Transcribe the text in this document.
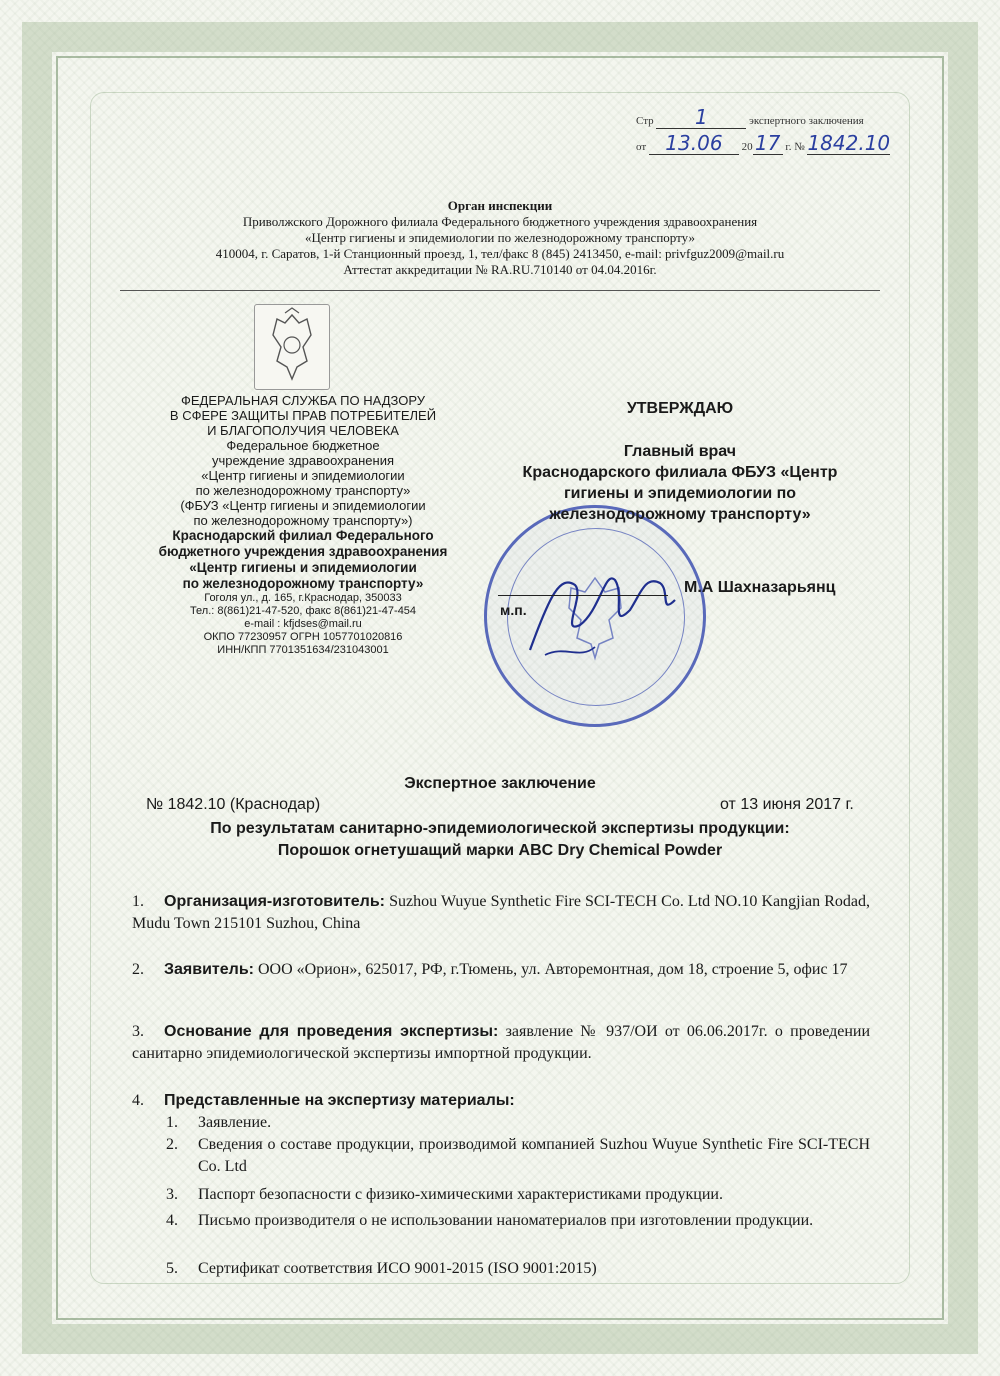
Стр 1	экспертного заключения
от 13.06 20 17 г. № 1842.10
Орган инспекции
Приволжского Дорожного филиала Федерального бюджетного учреждения здравоохранения
«Центр гигиены и эпидемиологии по железнодорожному транспорту»
410004, г. Саратов, 1-й Станционный проезд, 1, тел/факс 8 (845) 2413450, e-mail: privfguz2009@mail.ru
Аттестат аккредитации № RA.RU.710140 от 04.04.2016г.
ФЕДЕРАЛЬНАЯ СЛУЖБА ПО НАДЗОРУ
В СФЕРЕ ЗАЩИТЫ ПРАВ ПОТРЕБИТЕЛЕЙ
И БЛАГОПОЛУЧИЯ ЧЕЛОВЕКА
Федеральное бюджетное
учреждение здравоохранения
«Центр гигиены и эпидемиологии
по железнодорожному транспорту»
(ФБУЗ «Центр гигиены и эпидемиологии
по железнодорожному транспорту»)
Краснодарский филиал Федерального
бюджетного учреждения здравоохранения
«Центр гигиены и эпидемиологии
по железнодорожному транспорту»
Гоголя ул., д. 165, г.Краснодар, 350033
Тел.: 8(861)21-47-520, факс 8(861)21-47-454
e-mail : kfjdses@mail.ru
ОКПО 77230957 ОГРН 1057701020816
ИНН/КПП 7701351634/231043001
УТВЕРЖДАЮ
Главный врач
Краснодарского филиала ФБУЗ «Центр
гигиены и эпидемиологии по
железнодорожному транспорту»
м.п.
М.А Шахназарьянц
Экспертное заключение
№ 1842.10 (Краснодар)	от 13 июня 2017 г.
По результатам санитарно-эпидемиологической экспертизы продукции:
Порошок огнетушащий марки ABC Dry Chemical Powder
1. Организация-изготовитель: Suzhou Wuyue Synthetic Fire SCI-TECH Co. Ltd NO.10 Kangjian Rodad, Mudu Town 215101 Suzhou, China
2. Заявитель: ООО «Орион», 625017, РФ, г.Тюмень, ул. Авторемонтная, дом 18, строение 5, офис 17
3. Основание для проведения экспертизы: заявление № 937/ОИ от 06.06.2017г. о проведении санитарно эпидемиологической экспертизы импортной продукции.
4. Представленные на экспертизу материалы:
1. Заявление.
2. Сведения о составе продукции, производимой компанией Suzhou Wuyue Synthetic Fire SCI-TECH Co. Ltd
3. Паспорт безопасности с физико-химическими характеристиками продукции.
4. Письмо производителя о не использовании наноматериалов при изготовлении продукции.
5. Сертификат соответствия ИСО 9001-2015 (ISO 9001:2015)
